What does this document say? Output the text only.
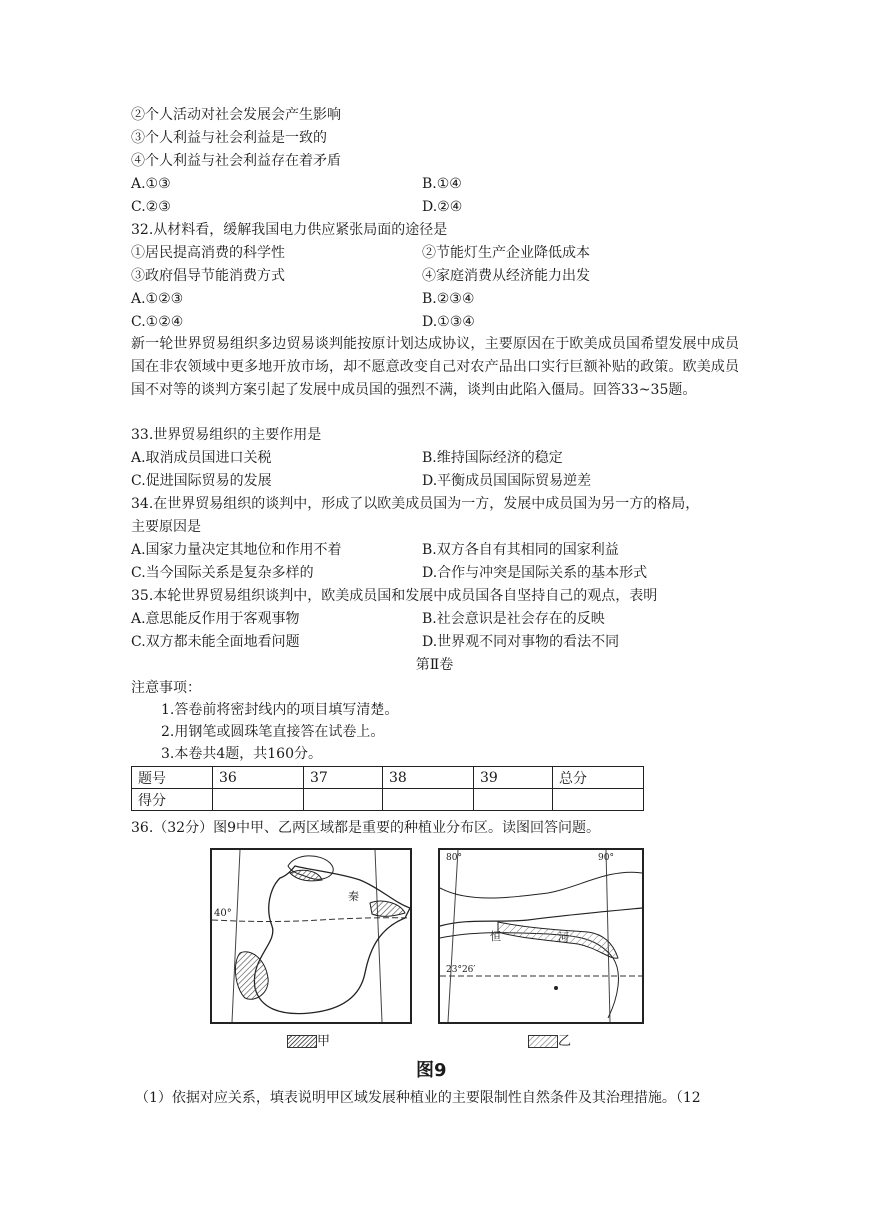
②个人活动对社会发展会产生影响
③个人利益与社会利益是一致的
④个人利益与社会利益存在着矛盾
A.①③	B.①④
C.②③	D.②④
32.从材料看，缓解我国电力供应紧张局面的途径是
①居民提高消费的科学性	②节能灯生产企业降低成本
③政府倡导节能消费方式	④家庭消费从经济能力出发
A.①②③	B.②③④
C.①②④	D.①③④
新一轮世界贸易组织多边贸易谈判能按原计划达成协议，主要原因在于欧美成员国希望发展中成员国在非农领域中更多地开放市场，却不愿意改变自己对农产品出口实行巨额补贴的政策。欧美成员国不对等的谈判方案引起了发展中成员国的强烈不满，谈判由此陷入僵局。回答33~35题。
33.世界贸易组织的主要作用是
A.取消成员国进口关税	B.维持国际经济的稳定
C.促进国际贸易的发展	D.平衡成员国国际贸易逆差
34.在世界贸易组织的谈判中，形成了以欧美成员国为一方，发展中成员国为另一方的格局，
主要原因是
A.国家力量决定其地位和作用不着	B.双方各自有其相同的国家利益
C.当今国际关系是复杂多样的	D.合作与冲突是国际关系的基本形式
35.本轮世界贸易组织谈判中，欧美成员国和发展中成员国各自坚持自己的观点，表明
A.意思能反作用于客观事物	B.社会意识是社会存在的反映
C.双方都未能全面地看问题	D.世界观不同对事物的看法不同
第Ⅱ卷
注意事项：
1.答卷前将密封线内的项目填写清楚。
2.用钢笔或圆珠笔直接答在试卷上。
3.本卷共4题，共160分。
题号	36	37	38	39	总分
得分					
36.（32分）图9中甲、乙两区域都是重要的种植业分布区。读图回答问题。
40°
秦
甲
80°	90°
23°26′
恒	河
乙
图9
（1）依据对应关系，填表说明甲区域发展种植业的主要限制性自然条件及其治理措施。（12
